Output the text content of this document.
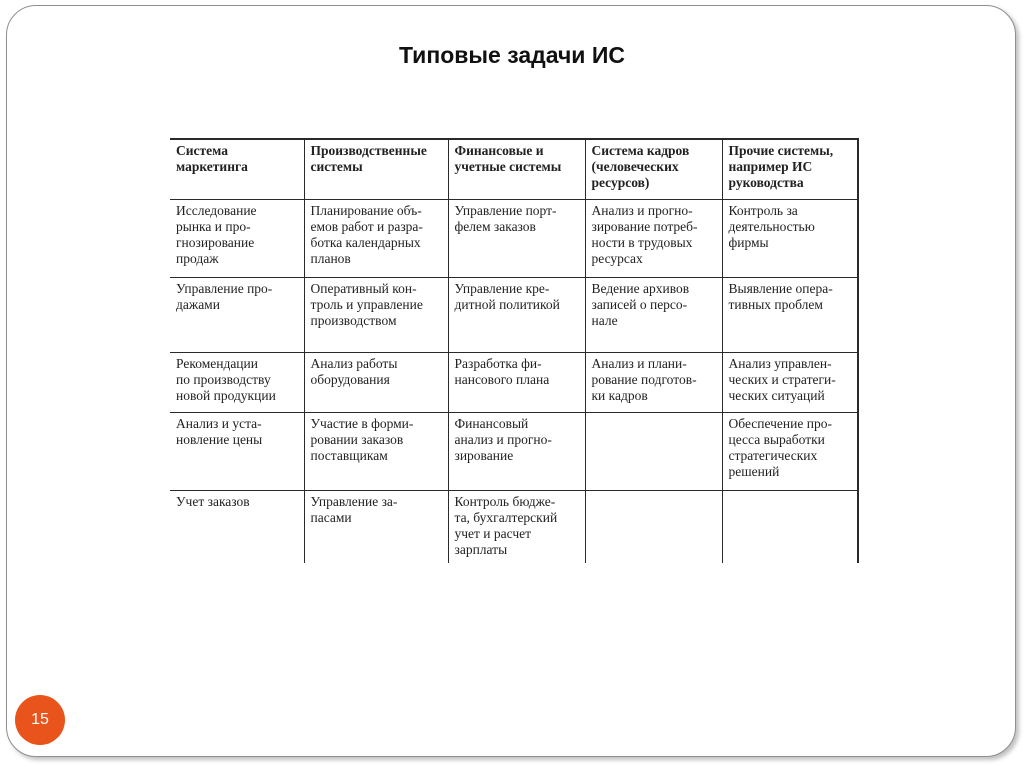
Типовые задачи ИС
Система
маркетинга	Производственные
системы	Финансовые и
учетные системы	Система кадров
(человеческих
ресурсов)	Прочие системы,
например ИС
руководства

Исследование
рынка и про-
гнозирование
продаж	Планирование объ-
емов работ и разра-
ботка календарных
планов	Управление порт-
фелем заказов	Анализ и прогно-
зирование потреб-
ности в трудовых
ресурсах	Контроль за
деятельностью
фирмы

Управление про-
дажами	Оперативный кон-
троль и управление
производством	Управление кре-
дитной политикой	Ведение архивов
записей о персо-
нале	Выявление опера-
тивных проблем

Рекомендации
по производству
новой продукции	Анализ работы
оборудования	Разработка фи-
нансового плана	Анализ и плани-
рование подготов-
ки кадров	Анализ управлен-
ческих и стратеги-
ческих ситуаций

Анализ и уста-
новление цены	Участие в форми-
ровании заказов
поставщикам	Финансовый
анализ и прогно-
зирование		Обеспечение про-
цесса выработки
стратегических
решений

Учет заказов	Управление за-
пасами	Контроль бюдже-
та, бухгалтерский
учет и расчет
зарплаты		

15
